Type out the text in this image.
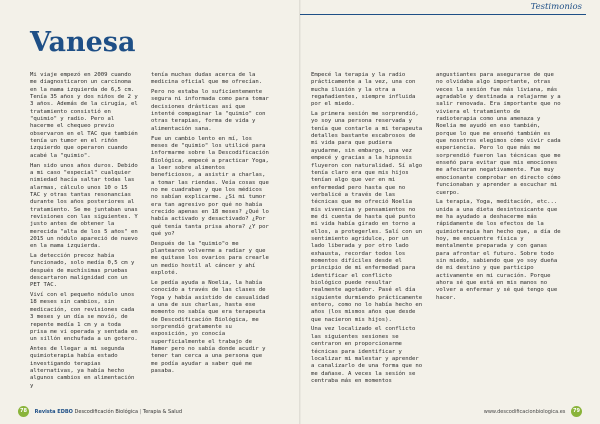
Testimonios
Vanesa

Mi viaje empezó en 2009 cuando me diagnosticaron un carcinoma en la mama izquierda de 6,5 cm. Tenía 35 años y dos niños de 2 y 3 años. Además de la cirugía, el tratamiento consistió en "quimio" y radio. Pero al hacerme el chequeo previo observaron en el TAC que también tenía un tumor en el riñón izquierdo que operaron cuando acabé la "quimio".

Han sido unos años duros. Debido a mi caso "especial" cualquier nimiedad hacía saltar todas las alarmas, cálculo unos 10 o 15 TAC y otras tantas resonancias durante los años posteriores al tratamiento. Se me juntaban unas revisiones con las siguientes. Y justo antes de obtener la merecida "alta de los 5 años" en 2015 un nódulo apareció de nuevo en la mama izquierda.

La detección precoz había funcionado, solo medía 0,5 cm y después de muchísimas pruebas descartaron malignidad con un PET TAC.

Viví con el pequeño nódulo unos 18 meses sin cambios, sin medicación, con revisiones cada 3 meses y un día se movió, de repente medía 1 cm y a toda prisa me vi operada y sentada en un sillón enchufada a un gotero.

Antes de llegar a mi segunda quimioterapia había estado investigando terapias alternativas, ya había hecho algunos cambios en alimentación y

tenía muchas dudas acerca de la medicina oficial que me ofrecían.

Pero no estaba lo suficientemente segura ni informada como para tomar decisiones drásticas así que intenté compaginar la "quimio" con otras terapias, forma de vida y alimentación sana.

Fue un cambio lento en mí, los meses de "quimio" los utilicé para informarme sobre la Descodificación Biológica, empecé a practicar Yoga, a leer sobre alimentos beneficiosos, a asistir a charlas, a tomar las riendas. Veía cosas que no me cuadraban y que los médicos no sabían explicarme. ¿Si mi tumor era tan agresivo por qué no había crecido apenas en 18 meses? ¿Qué lo había activado y desactivado? ¿Por qué tenía tanta prisa ahora? ¿Y por qué yo?

Después de la "quimio"o me plantearon volverme a radiar y que me quitase los ovarios para crearle un medio hostil al cáncer y ahí exploté.

Le pedía ayuda a Noelia, la había conocido a través de las clases de Yoga y había asistido de casualidad a una de sus charlas, hasta ese momento no sabía que era terapeuta de Descodificación Biológica, me sorprendió gratamente su exposición, yo conocía superficialmente el trabajo de Hamer pero no sabía donde acudir y tener tan cerca a una persona que me podía ayudar a saber qué me pasaba.

Empecé la terapia y la radio prácticamente a la vez, una con mucha ilusión y la otra a regañadientes, siempre influida por el miedo.

La primera sesión me sorprendió, yo soy una persona reservada y tenía que contarle a mi terapeuta detalles bastante escabrosos de mi vida para que pudiera ayudarme, sin embargo, una vez empecé y gracias a la hipnosis fluyeron con naturalidad. Sí algo tenía claro era que mis hijos tenían algo que ver en mi enfermedad pero hasta que no verbalicé a través de las técnicas que me ofreció Noelia mis vivencias y pensamientos no me di cuenta de hasta qué punto mi vida había girado en torno a ellos, a protegerles. Salí con un sentimiento agridulce, por un lado liberada y por otro lado exhausta, recordar todos los momentos difíciles desde el principio de mi enfermedad para identificar el conflicto biológico puede resultar realmente agotador. Pasé el día siguiente durmiendo prácticamente entero, como no lo había hecho en años (los mismos años que desde que nacieron mis hijos).

Una vez localizado el conflicto las siguientes sesiones se centraron en proporcionarme técnicas para identificar y localizar mi malestar y aprender a canalizarlo de una forma que no me dañase. A veces la sesión se centraba más en momentos

angustiantes para asegurarse de que no olvidaba algo importante, otras veces la sesión fue más liviana, más agradable y destinada a relajarme y a salir renovada. Era importante que no viviera el tratamiento de radioterapia como una amenaza y Noelia me ayudó en eso también, porque lo que me enseñó también es que nosotros elegimos cómo vivir cada experiencia. Pero lo que más me sorprendió fueron las técnicas que me enseñó para evitar que mis emociones me afectaran negativamente. Fue muy emocionante comprobar en directo cómo funcionaban y aprender a escuchar mi cuerpo.

La terapia, Yoga, meditación, etc... unida a una dieta desintoxicante que me ha ayudado a deshacerme más rápidamente de los efectos de la quimioterapia han hecho que, a día de hoy, me encuentre física y mentalmente preparada y con ganas para afrontar el futuro. Sobre todo sin miedo, sabiendo que yo soy dueña de mi destino y que participo activamente en mi curación. Porque ahora sé que está en mis manos no volver a enfermar y sé qué tengo que hacer.

78 Revista EDBO Descodificación Biológica | Terapia & Salud	www.descodificacionbiologica.es 79
